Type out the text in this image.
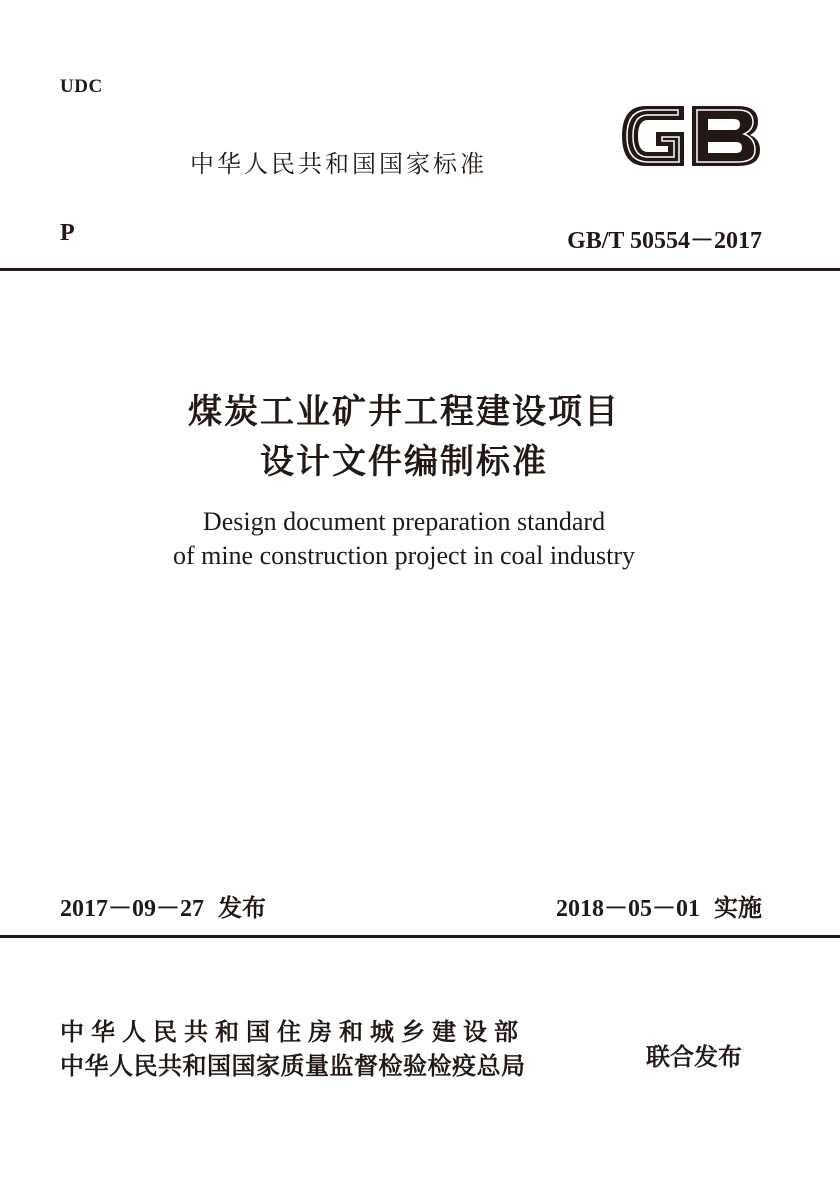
UDC
中华人民共和国国家标准
P	GB/T 50554－2017
煤炭工业矿井工程建设项目
设计文件编制标准
Design document preparation standard
of mine construction project in coal industry
2017－09－27 发布	2018－05－01 实施
中华人民共和国住房和城乡建设部
中华人民共和国国家质量监督检验检疫总局	联合发布
